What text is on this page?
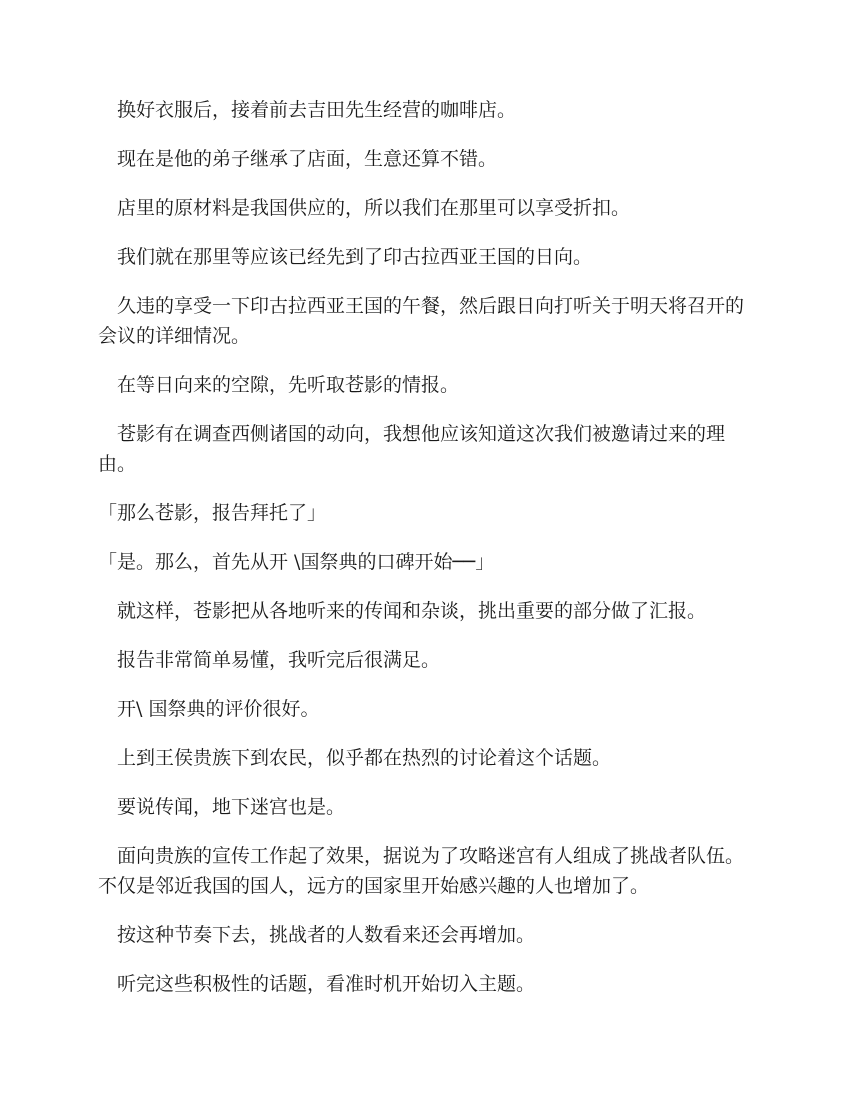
换好衣服后，接着前去吉田先生经营的咖啡店。

现在是他的弟子继承了店面，生意还算不错。

店里的原材料是我国供应的，所以我们在那里可以享受折扣。

我们就在那里等应该已经先到了印古拉西亚王国的日向。

久违的享受一下印古拉西亚王国的午餐，然后跟日向打听关于明天将召开的会议的详细情况。

在等日向来的空隙，先听取苍影的情报。

苍影有在调查西侧诸国的动向，我想他应该知道这次我们被邀请过来的理由。

「那么苍影，报告拜托了」

「是。那么，首先从开 \国祭典的口碑开始──」

就这样，苍影把从各地听来的传闻和杂谈，挑出重要的部分做了汇报。

报告非常简单易懂，我听完后很满足。

开\ 国祭典的评价很好。

上到王侯贵族下到农民，似乎都在热烈的讨论着这个话题。

要说传闻，地下迷宫也是。

面向贵族的宣传工作起了效果，据说为了攻略迷宫有人组成了挑战者队伍。不仅是邻近我国的国人，远方的国家里开始感兴趣的人也增加了。

按这种节奏下去，挑战者的人数看来还会再增加。

听完这些积极性的话题，看准时机开始切入主题。
